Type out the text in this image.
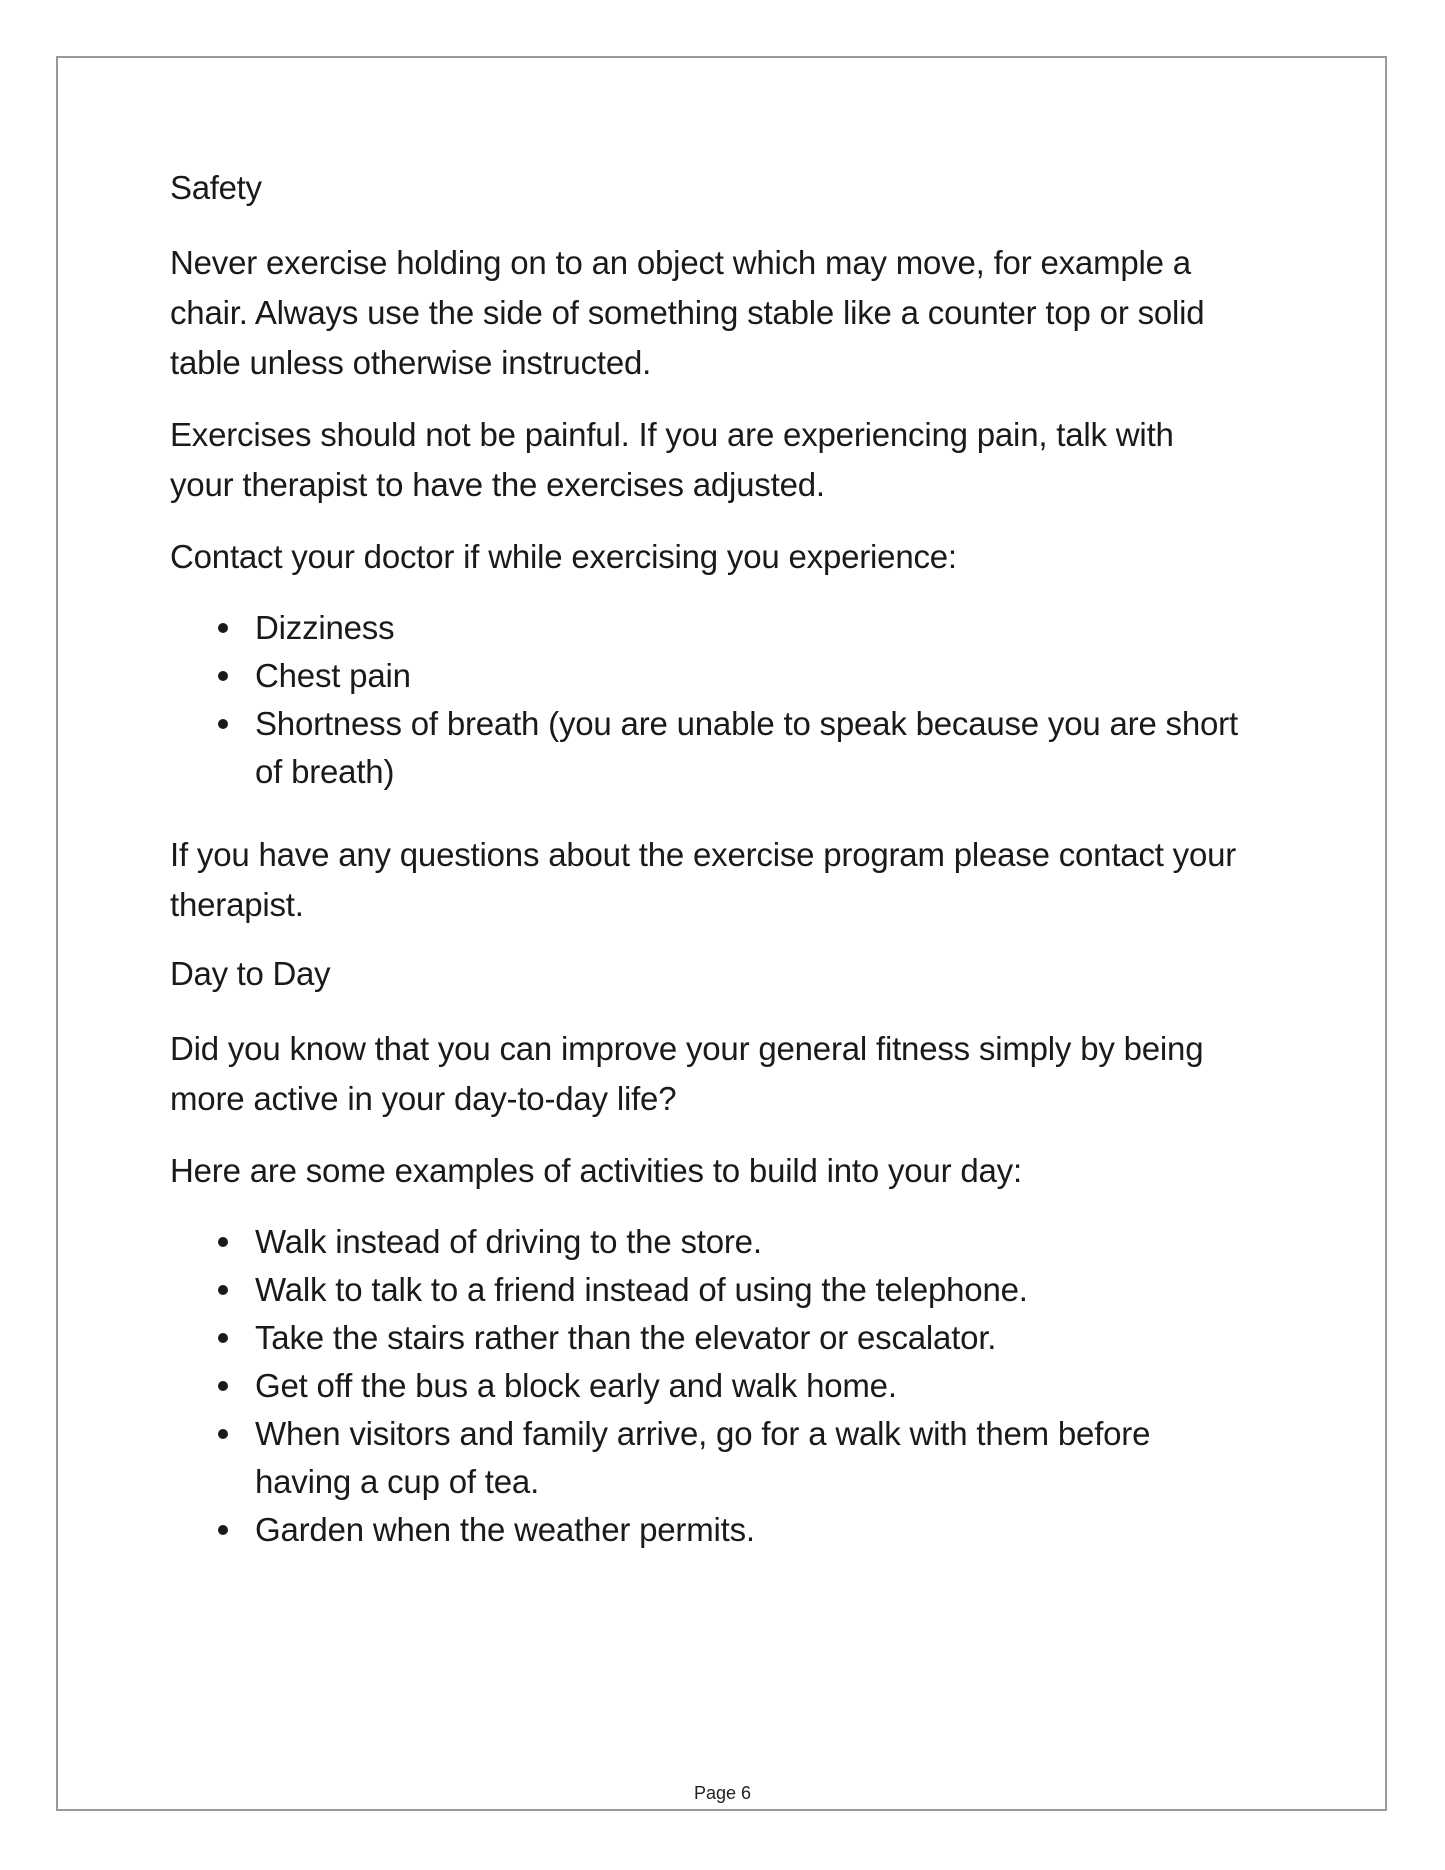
Safety

Never exercise holding on to an object which may move, for example a chair. Always use the side of something stable like a counter top or solid table unless otherwise instructed.

Exercises should not be painful. If you are experiencing pain, talk with your therapist to have the exercises adjusted.

Contact your doctor if while exercising you experience:

Dizziness
Chest pain
Shortness of breath (you are unable to speak because you are short of breath)

If you have any questions about the exercise program please contact your therapist.

Day to Day

Did you know that you can improve your general fitness simply by being more active in your day-to-day life?

Here are some examples of activities to build into your day:

Walk instead of driving to the store.
Walk to talk to a friend instead of using the telephone.
Take the stairs rather than the elevator or escalator.
Get off the bus a block early and walk home.
When visitors and family arrive, go for a walk with them before having a cup of tea.
Garden when the weather permits.
Page 6
